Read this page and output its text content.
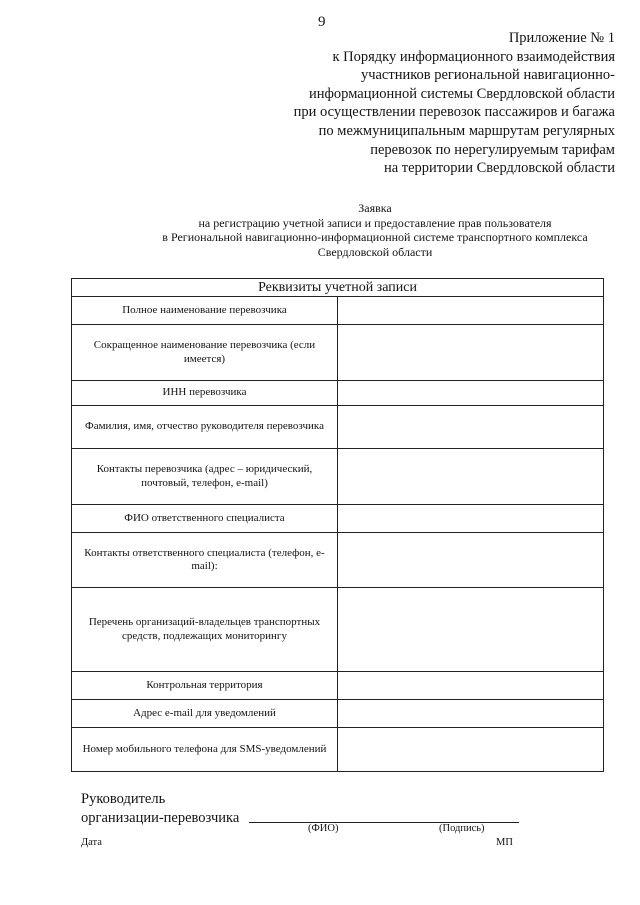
9
Приложение № 1
к Порядку информационного взаимодействия
участников региональной навигационно-
информационной системы Свердловской области
при осуществлении перевозок пассажиров и багажа
по межмуниципальным маршрутам регулярных
перевозок по нерегулируемым тарифам
на территории Свердловской области
Заявка
на регистрацию учетной записи и предоставление прав пользователя
в Региональной навигационно-информационной системе транспортного комплекса
Свердловской области
Реквизиты учетной записи	
Полное наименование перевозчика	
Сокращенное наименование перевозчика (если имеется)	
ИНН перевозчика	
Фамилия, имя, отчество руководителя перевозчика	
Контакты перевозчика (адрес – юридический, почтовый, телефон, e-mail)	
ФИО ответственного специалиста	
Контакты ответственного специалиста (телефон, e-mail):	
Перечень организаций-владельцев транспортных средств, подлежащих мониторингу	
Контрольная территория	
Адрес e-mail для уведомлений	
Номер мобильного телефона для SMS-уведомлений	
Руководитель
организации-перевозчика
(ФИО)	(Подпись)
Дата	МП
